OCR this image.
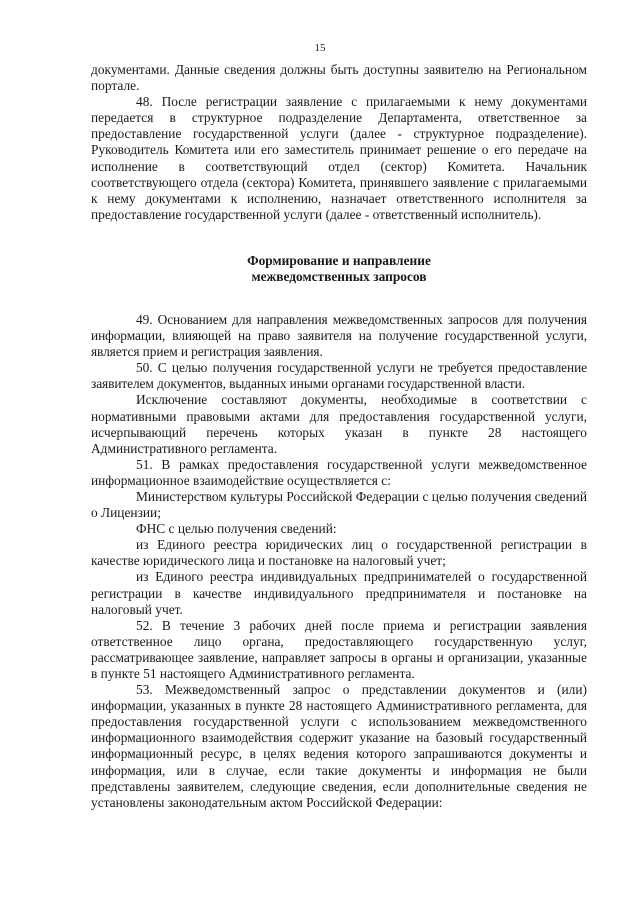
15

документами. Данные сведения должны быть доступны заявителю на Региональном портале.

48. После регистрации заявление с прилагаемыми к нему документами передается в структурное подразделение Департамента, ответственное за предоставление государственной услуги (далее - структурное подразделение). Руководитель Комитета или его заместитель принимает решение о его передаче на исполнение в соответствующий отдел (сектор) Комитета. Начальник соответствующего отдела (сектора) Комитета, принявшего заявление с прилагаемыми к нему документами к исполнению, назначает ответственного исполнителя за предоставление государственной услуги (далее - ответственный исполнитель).

Формирование и направление
межведомственных запросов

49. Основанием для направления межведомственных запросов для получения информации, влияющей на право заявителя на получение государственной услуги, является прием и регистрация заявления.

50. С целью получения государственной услуги не требуется предоставление заявителем документов, выданных иными органами государственной власти.

Исключение составляют документы, необходимые в соответствии с нормативными правовыми актами для предоставления государственной услуги, исчерпывающий перечень которых указан в пункте 28 настоящего Административного регламента.

51. В рамках предоставления государственной услуги межведомственное информационное взаимодействие осуществляется с:

Министерством культуры Российской Федерации с целью получения сведений о Лицензии;

ФНС с целью получения сведений:

из Единого реестра юридических лиц о государственной регистрации в качестве юридического лица и постановке на налоговый учет;

из Единого реестра индивидуальных предпринимателей о государственной регистрации в качестве индивидуального предпринимателя и постановке на налоговый учет.

52. В течение 3 рабочих дней после приема и регистрации заявления ответственное лицо органа, предоставляющего государственную услуг, рассматривающее заявление, направляет запросы в органы и организации, указанные в пункте 51 настоящего Административного регламента.

53. Межведомственный запрос о представлении документов и (или) информации, указанных в пункте 28 настоящего Административного регламента, для предоставления государственной услуги с использованием межведомственного информационного взаимодействия содержит указание на базовый государственный информационный ресурс, в целях ведения которого запрашиваются документы и информация, или в случае, если такие документы и информация не были представлены заявителем, следующие сведения, если дополнительные сведения не установлены законодательным актом Российской Федерации:
